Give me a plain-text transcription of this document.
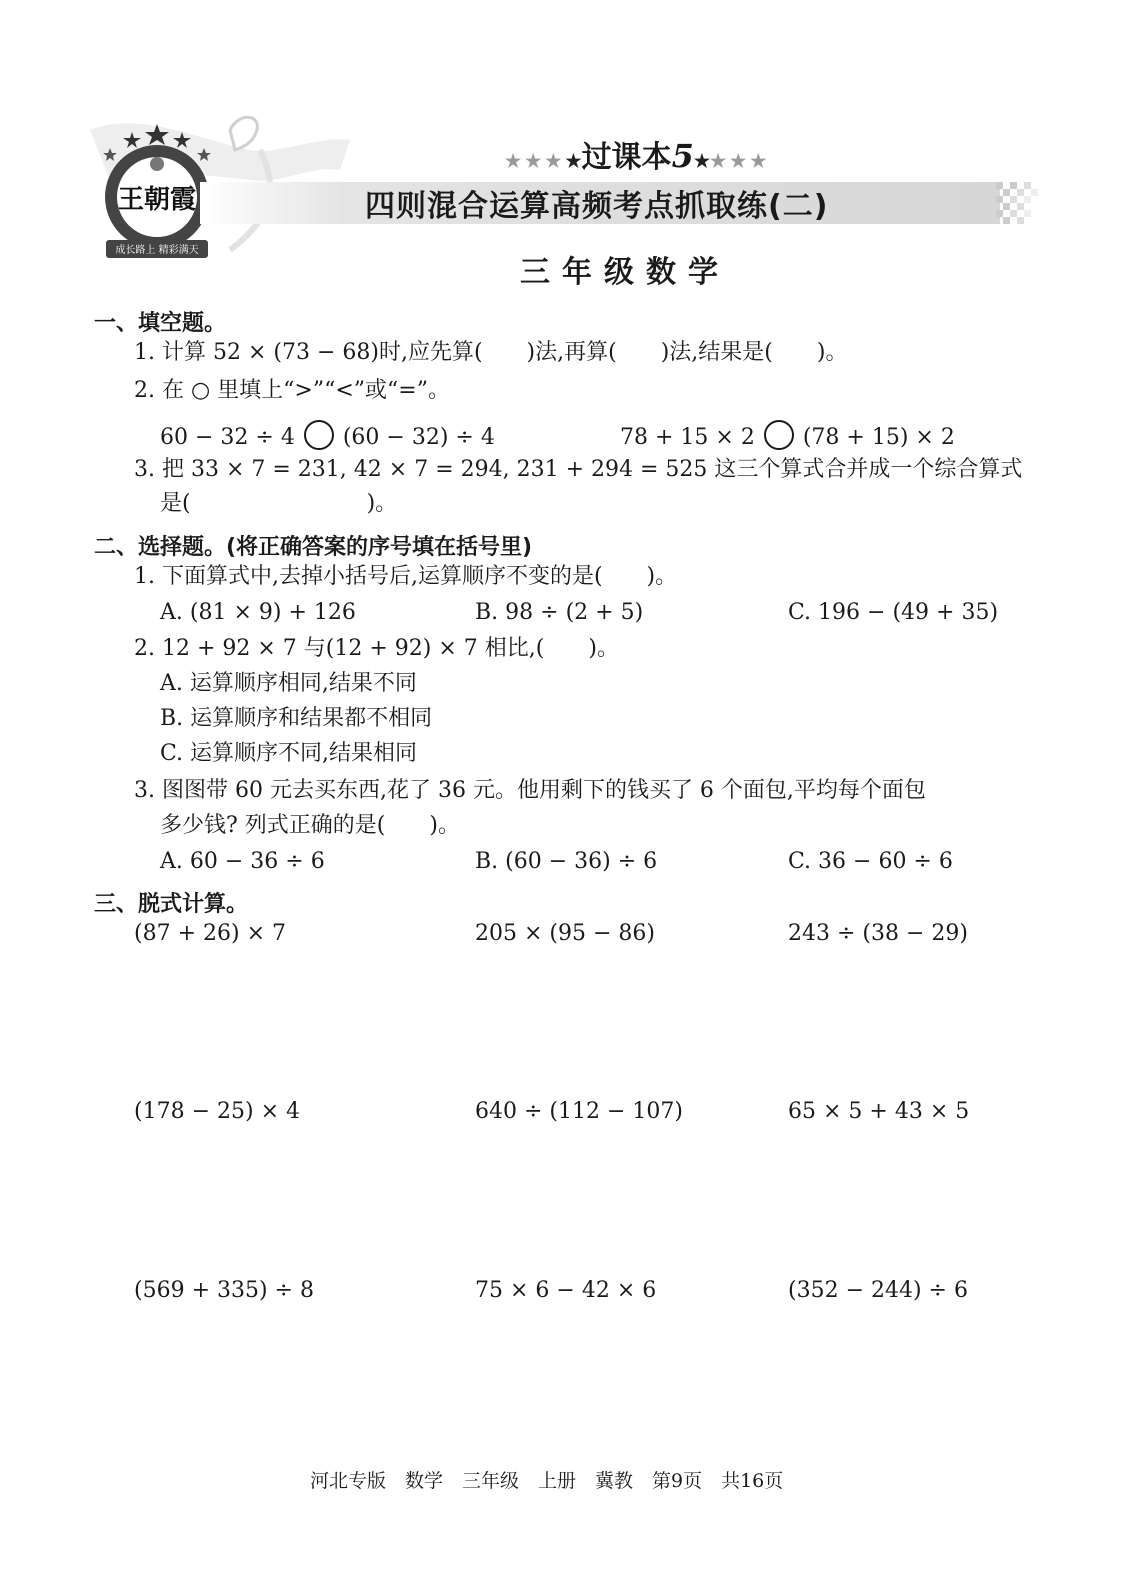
王朝霞
成长路上 精彩满天
★★★★过课本5★★★★
四则混合运算高频考点抓取练(二)
三年级数学
一、填空题。
1. 计算 52 × (73 − 68)时,应先算(　　)法,再算(　　)法,结果是(　　)。
2. 在 ○ 里填上“>”“<”或“=”。
60 − 32 ÷ 4 (60 − 32) ÷ 4	78 + 15 × 2 (78 + 15) × 2
3. 把 33 × 7 = 231, 42 × 7 = 294, 231 + 294 = 525 这三个算式合并成一个综合算式
是(　　　　　　　　)。
二、选择题。(将正确答案的序号填在括号里)
1. 下面算式中,去掉小括号后,运算顺序不变的是(　　)。
A. (81 × 9) + 126	B. 98 ÷ (2 + 5)	C. 196 − (49 + 35)
2. 12 + 92 × 7 与(12 + 92) × 7 相比,(　　)。
A. 运算顺序相同,结果不同
B. 运算顺序和结果都不相同
C. 运算顺序不同,结果相同
3. 图图带 60 元去买东西,花了 36 元。他用剩下的钱买了 6 个面包,平均每个面包
多少钱? 列式正确的是(　　)。
A. 60 − 36 ÷ 6	B. (60 − 36) ÷ 6	C. 36 − 60 ÷ 6
三、脱式计算。
(87 + 26) × 7	205 × (95 − 86)	243 ÷ (38 − 29)
(178 − 25) × 4	640 ÷ (112 − 107)	65 × 5 + 43 × 5
(569 + 335) ÷ 8	75 × 6 − 42 × 6	(352 − 244) ÷ 6
河北专版　数学　三年级　上册　冀教　第9页　共16页
